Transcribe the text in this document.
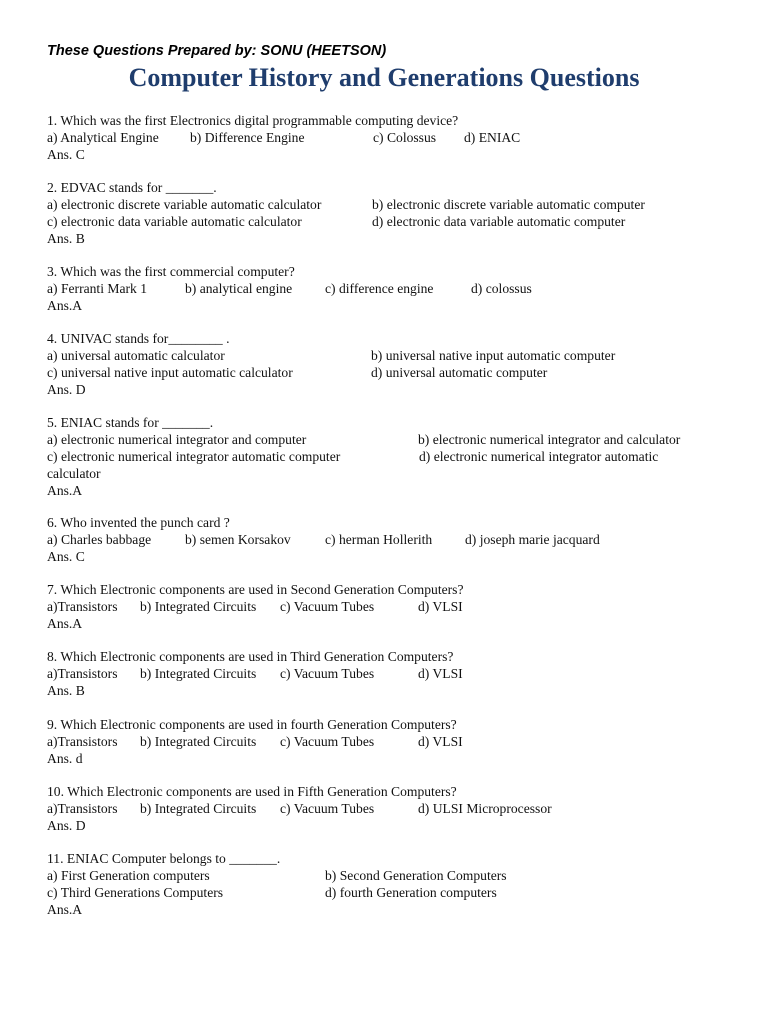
These Questions Prepared by: SONU (HEETSON)
Computer History and Generations Questions
1. Which was the first Electronics digital programmable computing device?
a) Analytical Engine b) Difference Engine	c) Colossus d) ENIAC
Ans. C
2. EDVAC stands for _______.
a) electronic discrete variable automatic calculator	b) electronic discrete variable automatic computer
c) electronic data variable automatic calculator	d) electronic data variable automatic computer
Ans. B
3. Which was the first commercial computer?
a) Ferranti Mark 1	b) analytical engine c) difference engine	d) colossus
Ans.A
4. UNIVAC stands for________ .
a) universal automatic calculator	b) universal native input automatic computer
c) universal native input automatic calculator	d) universal automatic computer
Ans. D
5. ENIAC stands for _______.
a) electronic numerical integrator and computer	b) electronic numerical integrator and calculator
c) electronic numerical integrator automatic computer	d) electronic numerical integrator automatic
calculator
Ans.A
6. Who invented the punch card ?
a) Charles babbage b) semen Korsakov	c) herman Hollerith d) joseph marie jacquard
Ans. C
7. Which Electronic components are used in Second Generation Computers?
a)Transistors b) Integrated Circuits c) Vacuum Tubes	d) VLSI
Ans.A
8. Which Electronic components are used in Third Generation Computers?
a)Transistors b) Integrated Circuits c) Vacuum Tubes	d) VLSI
Ans. B
9. Which Electronic components are used in fourth Generation Computers?
a)Transistors b) Integrated Circuits c) Vacuum Tubes	d) VLSI
Ans. d
10. Which Electronic components are used in Fifth Generation Computers?
a)Transistors b) Integrated Circuits c) Vacuum Tubes	d) ULSI Microprocessor
Ans. D
11. ENIAC Computer belongs to _______.
a) First Generation computers	b) Second Generation Computers
c) Third Generations Computers	d) fourth Generation computers
Ans.A
